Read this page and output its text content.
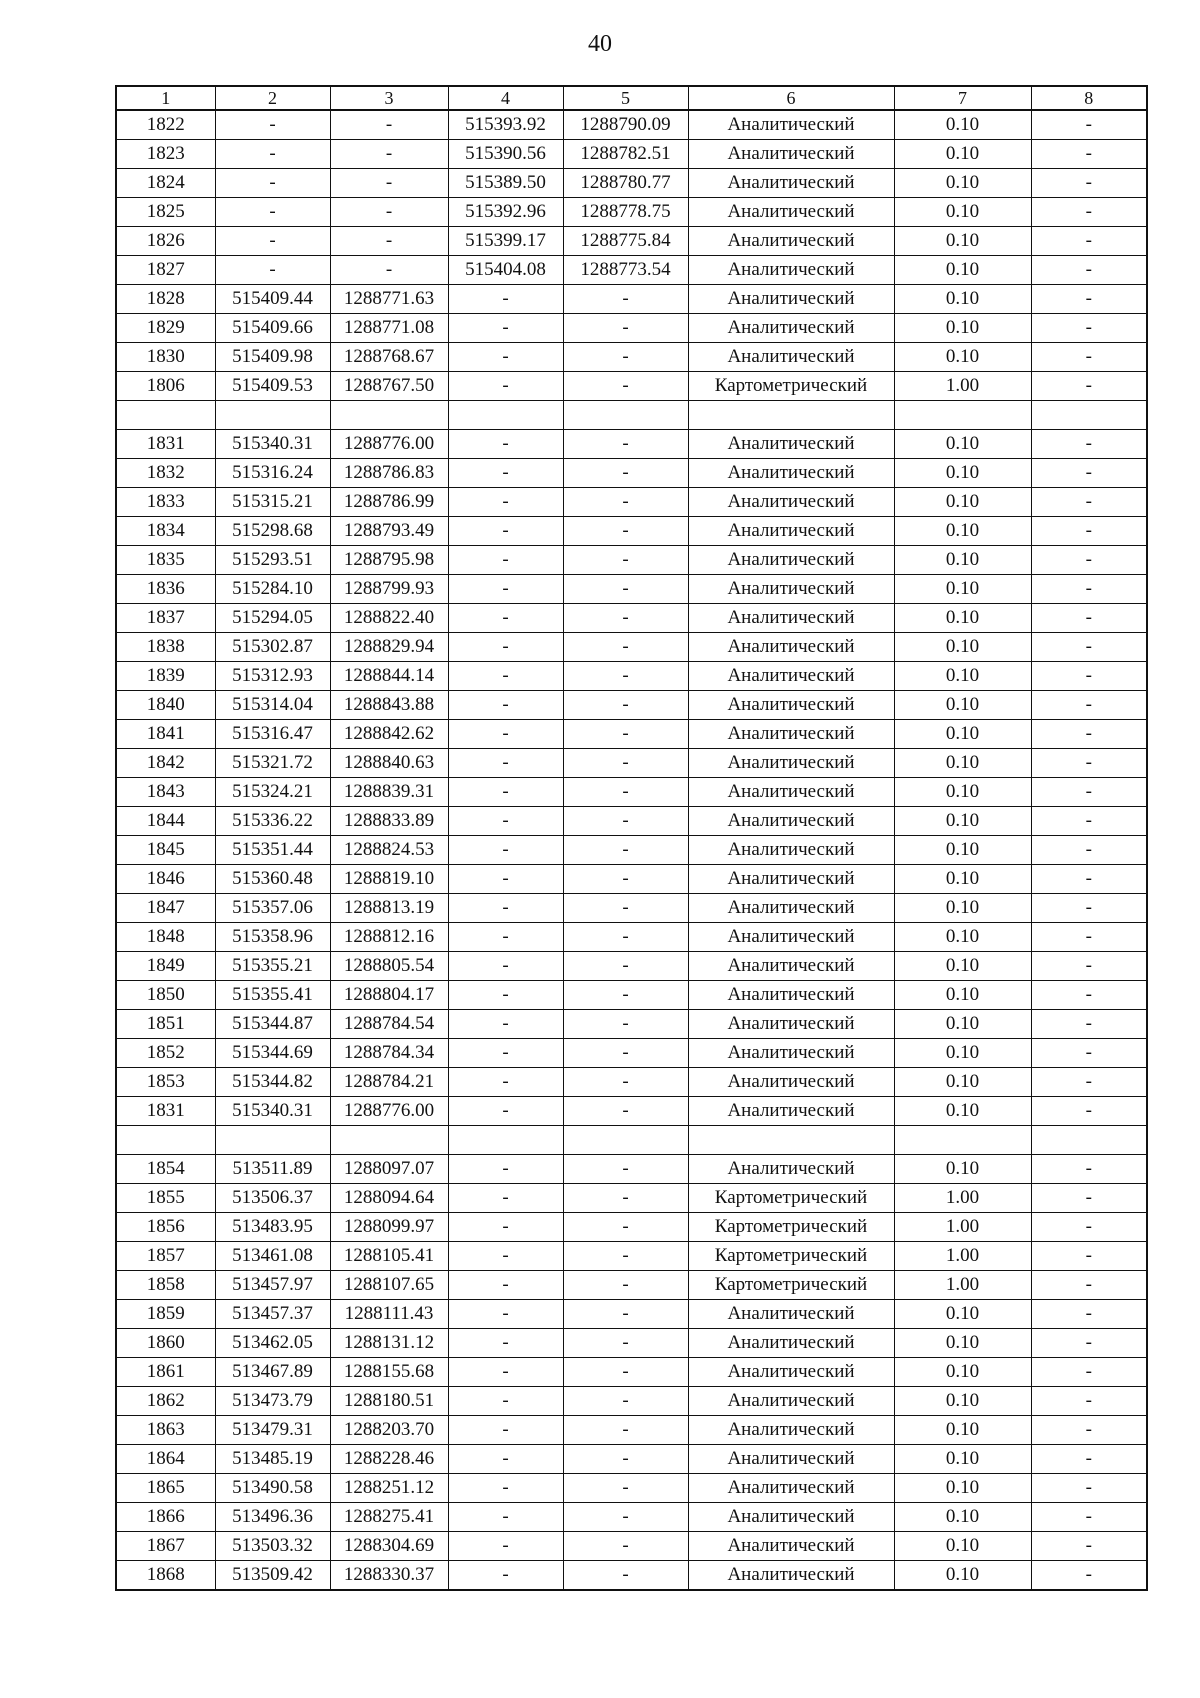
40
1	2	3	4	5	6	7	8
1822	-	-	515393.92	1288790.09	Аналитический	0.10	-
1823	-	-	515390.56	1288782.51	Аналитический	0.10	-
1824	-	-	515389.50	1288780.77	Аналитический	0.10	-
1825	-	-	515392.96	1288778.75	Аналитический	0.10	-
1826	-	-	515399.17	1288775.84	Аналитический	0.10	-
1827	-	-	515404.08	1288773.54	Аналитический	0.10	-
1828	515409.44	1288771.63	-	-	Аналитический	0.10	-
1829	515409.66	1288771.08	-	-	Аналитический	0.10	-
1830	515409.98	1288768.67	-	-	Аналитический	0.10	-
1806	515409.53	1288767.50	-	-	Картометрический	1.00	-

1831	515340.31	1288776.00	-	-	Аналитический	0.10	-
1832	515316.24	1288786.83	-	-	Аналитический	0.10	-
1833	515315.21	1288786.99	-	-	Аналитический	0.10	-
1834	515298.68	1288793.49	-	-	Аналитический	0.10	-
1835	515293.51	1288795.98	-	-	Аналитический	0.10	-
1836	515284.10	1288799.93	-	-	Аналитический	0.10	-
1837	515294.05	1288822.40	-	-	Аналитический	0.10	-
1838	515302.87	1288829.94	-	-	Аналитический	0.10	-
1839	515312.93	1288844.14	-	-	Аналитический	0.10	-
1840	515314.04	1288843.88	-	-	Аналитический	0.10	-
1841	515316.47	1288842.62	-	-	Аналитический	0.10	-
1842	515321.72	1288840.63	-	-	Аналитический	0.10	-
1843	515324.21	1288839.31	-	-	Аналитический	0.10	-
1844	515336.22	1288833.89	-	-	Аналитический	0.10	-
1845	515351.44	1288824.53	-	-	Аналитический	0.10	-
1846	515360.48	1288819.10	-	-	Аналитический	0.10	-
1847	515357.06	1288813.19	-	-	Аналитический	0.10	-
1848	515358.96	1288812.16	-	-	Аналитический	0.10	-
1849	515355.21	1288805.54	-	-	Аналитический	0.10	-
1850	515355.41	1288804.17	-	-	Аналитический	0.10	-
1851	515344.87	1288784.54	-	-	Аналитический	0.10	-
1852	515344.69	1288784.34	-	-	Аналитический	0.10	-
1853	515344.82	1288784.21	-	-	Аналитический	0.10	-
1831	515340.31	1288776.00	-	-	Аналитический	0.10	-

1854	513511.89	1288097.07	-	-	Аналитический	0.10	-
1855	513506.37	1288094.64	-	-	Картометрический	1.00	-
1856	513483.95	1288099.97	-	-	Картометрический	1.00	-
1857	513461.08	1288105.41	-	-	Картометрический	1.00	-
1858	513457.97	1288107.65	-	-	Картометрический	1.00	-
1859	513457.37	1288111.43	-	-	Аналитический	0.10	-
1860	513462.05	1288131.12	-	-	Аналитический	0.10	-
1861	513467.89	1288155.68	-	-	Аналитический	0.10	-
1862	513473.79	1288180.51	-	-	Аналитический	0.10	-
1863	513479.31	1288203.70	-	-	Аналитический	0.10	-
1864	513485.19	1288228.46	-	-	Аналитический	0.10	-
1865	513490.58	1288251.12	-	-	Аналитический	0.10	-
1866	513496.36	1288275.41	-	-	Аналитический	0.10	-
1867	513503.32	1288304.69	-	-	Аналитический	0.10	-
1868	513509.42	1288330.37	-	-	Аналитический	0.10	-
